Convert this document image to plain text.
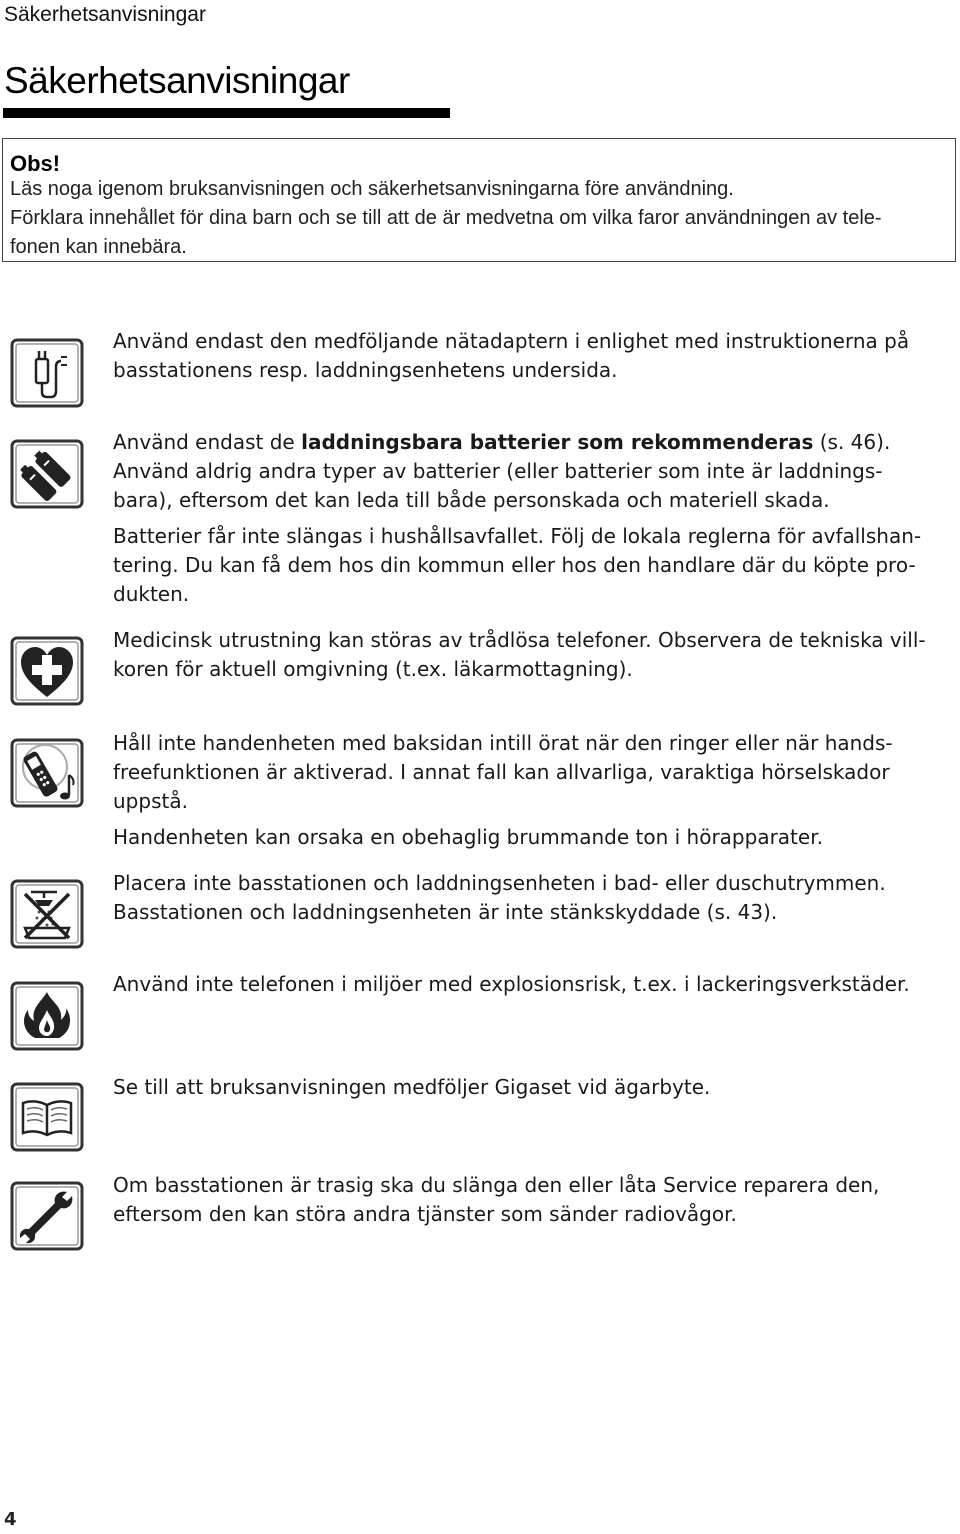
Säkerhetsanvisningar
Säkerhetsanvisningar
Obs!
Läs noga igenom bruksanvisningen och säkerhetsanvisningarna före användning.
Förklara innehållet för dina barn och se till att de är medvetna om vilka faror användningen av tele-
fonen kan innebära.

Använd endast den medföljande nätadaptern i enlighet med instruktionerna på

basstationens resp. laddningsenhetens undersida.

Använd endast de laddningsbara batterier som rekommenderas (s. 46).

Använd aldrig andra typer av batterier (eller batterier som inte är laddnings-

bara), eftersom det kan leda till både personskada och materiell skada.

Batterier får inte slängas i hushållsavfallet. Följ de lokala reglerna för avfallshan-

tering. Du kan få dem hos din kommun eller hos den handlare där du köpte pro-

dukten.

Medicinsk utrustning kan störas av trådlösa telefoner. Observera de tekniska vill-

koren för aktuell omgivning (t.ex. läkarmottagning).

Håll inte handenheten med baksidan intill örat när den ringer eller när hands-

freefunktionen är aktiverad. I annat fall kan allvarliga, varaktiga hörselskador

uppstå.

Handenheten kan orsaka en obehaglig brummande ton i hörapparater.

Placera inte basstationen och laddningsenheten i bad- eller duschutrymmen.

Basstationen och laddningsenheten är inte stänkskyddade (s. 43).

Använd inte telefonen i miljöer med explosionsrisk, t.ex. i lackeringsverkstäder.

Se till att bruksanvisningen medföljer Gigaset vid ägarbyte.

Om basstationen är trasig ska du slänga den eller låta Service reparera den,

eftersom den kan störa andra tjänster som sänder radiovågor.

4
